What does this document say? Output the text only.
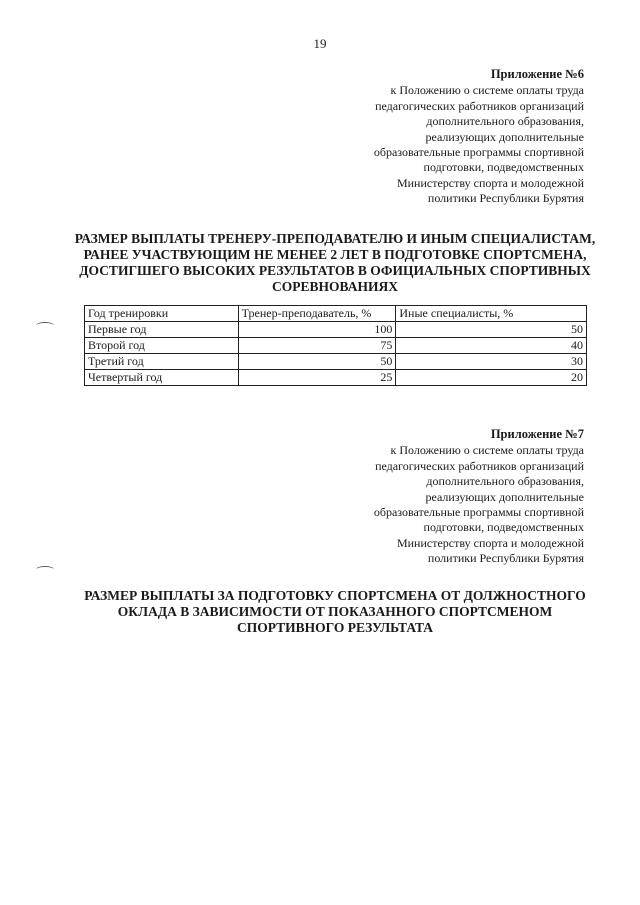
19
Приложение №6
к Положению о системе оплаты труда
педагогических работников организаций
дополнительного образования,
реализующих дополнительные
образовательные программы спортивной
подготовки, подведомственных
Министерству спорта и молодежной
политики Республики Бурятия
РАЗМЕР ВЫПЛАТЫ ТРЕНЕРУ-ПРЕПОДАВАТЕЛЮ И ИНЫМ СПЕЦИАЛИСТАМ,
РАНЕЕ УЧАСТВУЮЩИМ НЕ МЕНЕЕ 2 ЛЕТ В ПОДГОТОВКЕ СПОРТСМЕНА,
ДОСТИГШЕГО ВЫСОКИХ РЕЗУЛЬТАТОВ В ОФИЦИАЛЬНЫХ СПОРТИВНЫХ
СОРЕВНОВАНИЯХ
Год тренировки	Тренер-преподаватель, %	Иные специалисты, %
Первые год	100	50
Второй год	75	40
Третий год	50	30
Четвертый год	25	20
Приложение №7
к Положению о системе оплаты труда
педагогических работников организаций
дополнительного образования,
реализующих дополнительные
образовательные программы спортивной
подготовки, подведомственных
Министерству спорта и молодежной
политики Республики Бурятия
РАЗМЕР ВЫПЛАТЫ ЗА ПОДГОТОВКУ СПОРТСМЕНА ОТ ДОЛЖНОСТНОГО
ОКЛАДА В ЗАВИСИМОСТИ ОТ ПОКАЗАННОГО СПОРТСМЕНОМ
СПОРТИВНОГО РЕЗУЛЬТАТА
